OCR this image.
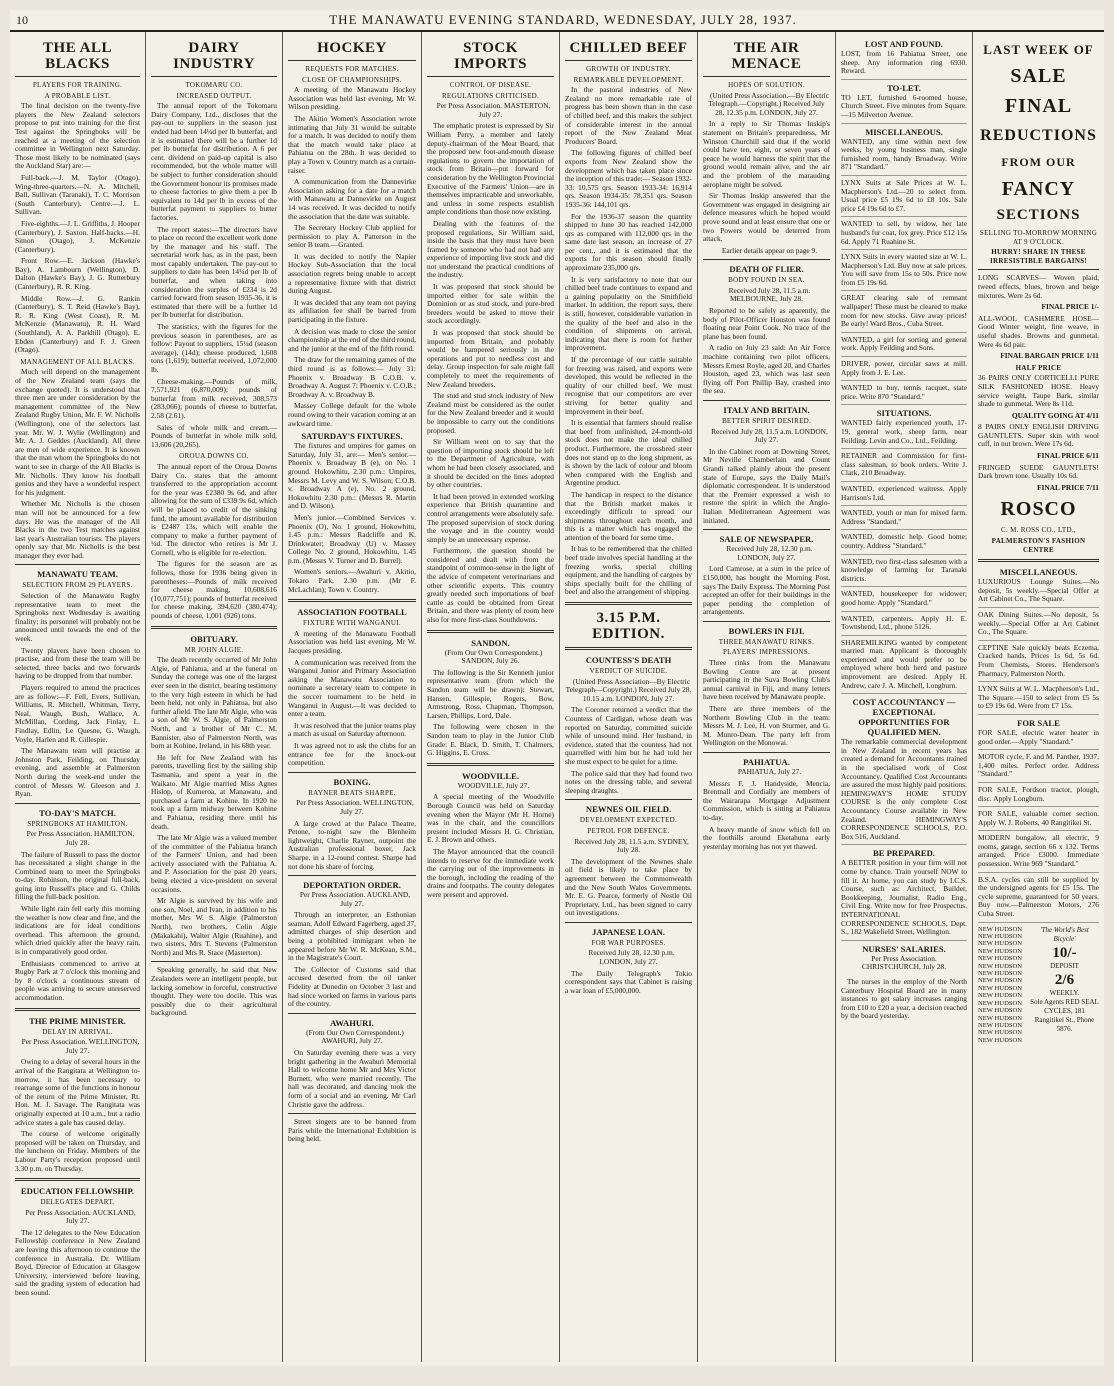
10	THE MANAWATU EVENING STANDARD, WEDNESDAY, JULY 28, 1937.
THE ALL BLACKS
PLAYERS FOR TRAINING.
A PROBABLE LIST.

The final decision on the twenty-five players the New Zealand selectors propose to put into training for the first Test against the Springboks will be reached at a meeting of the selection committee in Wellington next Saturday. Those most likely to be nominated (says the Auckland Star) are:—

Full-back.—J. M. Taylor (Otago). Wing-three-quarters.—N. A. Mitchell, Ball, Sullivan (Taranaki), T. C. Morrison (South Canterbury). Centre.—J. L. Sullivan.

Five-eighths.—J. L. Griffiths, J. Hooper (Canterbury), J. Saxton. Half-backs.—H. Simon (Otago), J. McKenzie (Canterbury).

Front Row.—E. Jackson (Hawke's Bay), A. Lambourn (Wellington), D. Dalton (Hawke's Bay), J. G. Rutterbury (Canterbury), R. R. King.

Middle Row.—J. G. Rankin (Canterbury), S. T. Reid (Hawke's Bay), R. R. King (West Coast), R. M. McKenzie (Manawatu), R. H. Ward (Southland), A. A. Parkhill (Otago), E. Ebden (Canterbury) and F. J. Green (Otago).

MANAGEMENT OF ALL BLACKS.

Much will depend on the management of the New Zealand team (says the exchange quoted). It is understood that three men are under consideration by the management committee of the New Zealand Rugby Union, Mr. F. W. Nicholls (Wellington), one of the selectors last year. Mr. W. J. Wylie (Wellington) and Mr. A. J. Geddes (Auckland). All three are men of wide experience. It is known that the man whom the Springboks do not want to see in charge of the All Blacks is Mr. Nicholls. They know his football genius and they have a wonderful respect for his judgment.

Whether Mr. Nicholls is the chosen man will not be announced for a few days. He was the manager of the All Blacks in the two Test matches against last year's Australian tourists. The players openly say that Mr. Nicholls is the best manager they ever had.

MANAWATU TEAM.
SELECTION FROM 29 PLAYERS.

Selection of the Manawatu Rugby representative team to meet the Springboks next Wednesday is awaiting finality; its personnel will probably not be announced until towards the end of the week.

Twenty players have been chosen to practise, and from these the team will be selected, three backs and two forwards having to be dropped from that number.

Players required to attend the practices are as follow:—F. Fell, Evers, Sullivan, Williams, R. Mitchell, Whitman, Terry, Neal, Waugh, Bush, Wallace, A. McMillan, Cording, Jack Finlay, L. Findlay, Edlin, Le Quesne, G. Waugh, Voyle, Harlen and R. Gillespie.

The Manawatu team will practise at Johnston Park, Feilding, on Thursday evening, and assemble at Palmerston North during the week-end under the control of Messrs W. Gleeson and J. Ryan.

TO-DAY'S MATCH.
SPRINGBOKS AT HAMILTON.

Per Press Association. HAMILTON, July 28.

The failure of Russell to pass the doctor has necessitated a slight change in the Combined team to meet the Springboks to-day. Robinson, the original full-back, going into Russell's place and G. Childs filling the full-back position.

While light rain fell early this morning the weather is now clear and fine, and the indications are for ideal conditions overhead. This afternoon the ground, which dried quickly after the heavy rain, is in comparatively good order.

Enthusiasts commenced to arrive at Rugby Park at 7 o'clock this morning and by 8 o'clock a continuous stream of people was arriving to secure unreserved accommodation.

THE PRIME MINISTER.
DELAY IN ARRIVAL.

Per Press Association. WELLINGTON, July 27.

Owing to a delay of several hours in the arrival of the Rangitata at Wellington to-morrow, it has been necessary to rearrange some of the functions in honour of the return of the Prime Minister, Rt. Hon. M. J. Savage. The Rangitata was originally expected at 10 a.m., but a radio advice states a gale has caused delay.

The course of welcome originally proposed will be taken on Thursday, and the luncheon on Friday. Members of the Labour Party's reception proposed until 3.30 p.m. on Thursday.

EDUCATION FELLOWSHIP.
DELEGATES DEPART.

Per Press Association. AUCKLAND, July 27.

The 12 delegates to the New Education Fellowship conference in New Zealand are leaving this afternoon to continue the conference in Australia. Dr. William Boyd, Director of Education at Glasgow University, interviewed before leaving, said the grading system of education had been sound.

DAIRY INDUSTRY
TOKOMARU CO.
INCREASED OUTPUT.

The annual report of the Tokomaru Dairy Company, Ltd., discloses that the pay-out to suppliers in the season just ended had been 14¼d per lb butterfat, and it is estimated there will be a further 1d per lb butterfat for distribution. A 6 per cent. dividend on paid-up capital is also recommended, but the whole matter will be subject to further consideration should the Government honour its promises made to cheese factories to give them a per lb equivalent to 14d per lb in excess of the butterfat payment to suppliers to butter factories.

The report states:—The directors have to place on record the excellent work done by the manager and his staff. The secretarial work has, as in the past, been most capably undertaken. The pay-out to suppliers to date has been 14¼d per lb of butterfat, and when taking into consideration the surplus of £234 is 2d carried forward from season 1935-36, it is estimated that there will be a further 1d per lb butterfat for distribution.

The statistics, with the figures for the previous season in parentheses, are as follow: Payout to suppliers, 15¼d (season average), (14d); cheese produced, 1,608 tons (1,619); butterfat received, 1,072,000 lb.

Cheese-making.—Pounds of milk, 7,571,921 (6,870,009); pounds of butterfat from milk received, 308,573 (283,066); pounds of cheese to butterfat, 2.58 (2.61).

Sales of whole milk and cream.—Pounds of butterfat in whole milk sold, 13,606 (20,265).

OROUA DOWNS CO.

The annual report of the Oroua Downs Dairy Co. states that the amount transferred to the appropriation account for the year was £2380 9s 6d, and after allowing for the sum of £339 9s 6d, which will be placed to credit of the sinking fund, the amount available for distribution is £2487 13s, which will enable the company to make a further payment of ¼d. The director who retires is Mr J. Cornell, who is eligible for re-election.

The figures for the season are as follows, those for 1936 being given in parentheses:—Pounds of milk received for cheese making, 10,608,616 (10,077,751); pounds of butterfat received for cheese making, 394,620 (380,474); pounds of cheese, 1,001 (926) tons.

OBITUARY.
MR JOHN ALGIE.

The death recently occurred of Mr John Algie, of Pahiatua, and at the funeral on Sunday the cortege was one of the largest ever seen in the district, bearing testimony to the very high esteem in which he had been held, not only in Pahiatua, but also further afield. The late Mr Algie, who was a son of Mr W. S. Algie, of Palmerston North, and a brother of Mr C. M. Bannister, also of Palmerston North, was born at Kohine, Ireland, in his 68th year.

He left for New Zealand with his parents, travelling first by the sailing ship Tasmania, and spent a year in the Waikato. Mr Algie married Miss Agnes Hislop, of Kumeroa, at Manawatu, and purchased a farm at Kohine. In 1920 he took up a farm midway between Kohine and Pahiatua, residing there until his death.

The late Mr Algie was a valued member of the committee of the Pahiatua branch of the Farmers' Union, and had been actively associated with the Pahiatua A. and P. Association for the past 20 years, being elected a vice-president on several occasions.

Mr Algie is survived by his wife and one son, Noel, and Ivan, in addition to his mother, Mrs W. S. Algie (Palmerston North), two brothers, Colin Algie (Makakahi), Walter Algie (Ruahine), and two sisters, Mrs T. Stevens (Palmerston North) and Mrs R. Stace (Masterton).

Speaking generally, he said that New Zealanders were an intelligent people, but lacking somehow in forceful, constructive thought. They were too docile. This was possibly due to their agricultural background.

HOCKEY
REQUESTS FOR MATCHES.
CLOSE OF CHAMPIONSHIPS.

A meeting of the Manawatu Hockey Association was held last evening, Mr W. Wilson presiding.

The Akitio Women's Association wrote intimating that July 31 would be suitable for a match. It was decided to notify them that the match would take place at Pahiatua on the 28th. It was decided to play a Town v. Country match as a curtain-raiser.

A communication from the Dannevirke Association asking for a date for a match with Manawatu at Dannevirke on August 14 was received. It was decided to notify the association that the date was suitable.

The Secretary Hockey Club applied for permission to play A. Patterson in the senior B team.—Granted.

It was decided to notify the Napier Hockey Sub-Association that the local association regrets being unable to accept a representative fixture with that district during August.

It was decided that any team not paying its affiliation fee shall be barred from participating in the fixture.

A decision was made to close the senior championship at the end of the third round, and the junior at the end of the fifth round.

The draw for the remaining games of the third round is as follows:— July 31: Phoenix v. Broadway B C.O.B. v. Broadway A. August 7: Phoenix v. C.O.B.; Broadway A. v. Broadway B.

Massey College default for the whole round owing to their vacation coming at an awkward time.

SATURDAY'S FIXTURES.

The fixtures and umpires for games on Saturday, July 31, are:— Men's senior.—Phoenix v. Broadway B (e), on No. 1 ground. Hokowhitu, 2.30 p.m.: Umpires, Messrs M. Levy and W. S. Wilson; C.O.B. v. Broadway A (e), No. 2 ground, Hokowhitu 2.30 p.m.: (Messrs R. Martin and D. Wilson).

Men's junior.—Combined Services v. Phoenix (O), No. 1 ground, Hokowhitu, 1.45 p.m.: Messrs Radcliffe and K. Drinkwater; Broadway (U) v. Massey College No. 2 ground, Hokowhitu, 1.45 p.m. (Messrs V. Turner and D. Burrel).

Women's seniors.—Awahuri v. Akitio, Tokaro Park, 2.30 p.m. (Mr F. McLachlan); Town v. Country.

ASSOCIATION FOOTBALL
FIXTURE WITH WANGANUI.

A meeting of the Manawatu Football Association was held last evening, Mr W. Jacques presiding.

A communication was received from the Wanganui Junior and Primary Association asking the Manawatu Association to nominate a secretary team to compete in the soccer tournament to be held in Wanganui in August.—It was decided to enter a team.

It was resolved that the junior teams play a match as usual on Saturday afternoon.

It was agreed not to ask the clubs for an entrance fee for the knock-out competition.

BOXING.
RAYNER BEATS SHARPE.

Per Press Association. WELLINGTON, July 27.

A large crowd at the Palace Theatre, Petone, to-night saw the Blenheim lightweight, Charlie Rayner, outpoint the Australian professional boxer, Jack Sharpe, in a 12-round contest. Sharpe had not done his share of forcing.

DEPORTATION ORDER.

Per Press Association. AUCKLAND, July 27.

Through an interpreter, an Esthonian seaman, Adolf Edward Fagerberg, aged 37, admitted charges of ship desertion and being a prohibited immigrant when he appeared before Mr W. R. McKean, S.M., in the Magistrate's Court.

The Collector of Customs said that accused deserted from the oil tanker Fidelity at Dunedin on October 3 last and had since worked on farms in various parts of the country.

AWAHURI.

(From Our Own Correspondent.) AWAHURI, July 27.

On Saturday evening there was a very bright gathering in the Awahuri Memorial Hall to welcome home Mr and Mrs Victor Burnett, who were married recently. The hall was decorated, and dancing took the form of a social and an evening. Mr Carl Christie gave the address.

Street singers are to be banned from Paris while the International Exhibition is being held.

STOCK IMPORTS
CONTROL OF DISEASE.
REGULATIONS CRITICISED.

Per Press Association. MASTERTON, July 27.

The emphatic protest is expressed by Sir William Perry, a member and lately deputy-chairman of the Meat Board, that the proposed new foot-and-mouth disease regulations to govern the importation of stock from Britain—put forward for consideration by the Wellington Provincial Executive of the Farmers' Union—are in themselves impracticable and unworkable, and unless in some respects establish ample conditions than those now existing.

Dealing with the features of the proposed regulations, Sir William said, inside the basis that they must have been framed by someone who had not had any experience of importing live stock and did not understand the practical conditions of the industry.

It was proposed that stock should be imported either for sale within the Dominion or as stud stock, and pure-bred breeders would be asked to move their stock accordingly.

It was proposed that stock should be imported from Britain, and probably would be hampered seriously in the operations and put to needless cost and delay. Group inspection for sale might fall completely to meet the requirements of New Zealand breeders.

The stud and stud stock industry of New Zealand must be considered as the outlet for the New Zealand breeder and it would be impossible to carry out the conditions proposed.

Sir William went on to say that the question of importing stock should be left to the Department of Agriculture, with whom he had been closely associated, and it should be decided on the lines adopted by other countries.

It had been proved in extended working experience that British quarantine and control arrangements were absolutely safe. The proposed supervision of stock during the voyage and in the country would simply be an unnecessary expense.

Furthermore, the question should be considered and dealt with from the standpoint of common-sense in the light of the advice of competent veterinarians and other scientific experts. This country greatly needed such importations of beef cattle as could be obtained from Great Britain, and there was plenty of room here also for more first-class Southdowns.

SANDON.

(From Our Own Correspondent.) SANDON, July 26.

The following is the Sir Kenneth junior representative team (from which the Sandon team will be drawn): Stewart, Hansen, Gillespie, Rogers, Bow, Armstrong, Ross, Chapman, Thompson, Larsen, Phillips, Lord, Dale.

The following were chosen in the Sandon team to play in the Junior Club Grade: E. Black, D. Smith, T. Chalmers, G. Higgins, E. Cross.

WOODVILLE.

WOODVILLE, July 27.

A special meeting of the Woodville Borough Council was held on Saturday evening when the Mayor (Mr H. Horne) was in the chair, and the councillors present included Messrs H. G. Christian, E. J. Brown and others.

The Mayor announced that the council intends to reserve for the immediate work the carrying out of the improvements in the borough, including the reading of the drains and footpaths. The county delegates were present and approved.

CHILLED BEEF
GROWTH OF INDUSTRY.
REMARKABLE DEVELOPMENT.

In the pastoral industries of New Zealand no more remarkable rate of progress has been shown than in the case of chilled beef, and this makes the subject of considerable interest in the annual report of the New Zealand Meat Producers' Board.

The following figures of chilled beef exports from New Zealand show the development which has taken place since the inception of this trade:— Season 1932-33: 10,575 qrs. Season 1933-34: 16,914 qrs. Season 1934-35: 78,351 qrs. Season 1935-36: 144,101 qrs.

For the 1936-37 season the quantity shipped to June 30 has reached 142,000 qrs as compared with 112,000 qrs in the same date last season, an increase of 27 per cent., and it is estimated that the exports for this season should finally approximate 235,000 qrs.

It is very satisfactory to note that our chilled beef trade continues to expand and a gaining popularity on the Smithfield market. In addition, the report says, there is still, however, considerable variation in the quality of the beef and also in the condition of shipments on arrival, indicating that there is room for further improvement.

If the percentage of our cattle suitable for freezing was raised, and exports were developed, this would be reflected in the quality of our chilled beef. We must recognise that our competitors are ever striving for better quality and improvement in their beef.

It is essential that farmers should realise that beef from unfinished, 24-month-old stock does not make the ideal chilled product. Furthermore, the crossbred steer does not stand up to the long shipment, as is shown by the lack of colour and bloom when compared with the English and Argentine product.

The handicap in respect to the distance that the British market makes it exceedingly difficult to spread our shipments throughout each month, and this is a matter which has engaged the attention of the board for some time.

It has to be remembered that the chilled beef trade involves special handling at the freezing works, special chilling equipment, and the handling of cargoes by ships specially built for the chilling of beef and also the arrangement of shipping.

3.15 P.M. EDITION.
COUNTESS'S DEATH
VERDICT OF SUICIDE.

(United Press Association—By Electric Telegraph—Copyright.) Received July 28, 10.15 a.m. LONDON, July 27.

The Coroner returned a verdict that the Countess of Cardigan, whose death was reported on Saturday, committed suicide while of unsound mind. Her husband, in evidence, stated that the countess had not quarrelled with him but he had told her she must expect to be quiet for a time.

The police said that they had found two notes on the dressing table, and several sleeping draughts.

NEWNES OIL FIELD.
DEVELOPMENT EXPECTED.
PETROL FOR DEFENCE.

Received July 28, 11.5 a.m. SYDNEY, July 28.

The development of the Newnes shale oil field is likely to take place by agreement between the Commonwealth and the New South Wales Governments. Mr. E. G. Pearce, formerly of Nestle Oil Proprietary, Ltd., has been signed to carry out investigations.

JAPANESE LOAN.
FOR WAR PURPOSES.

Received July 28, 12.30 p.m. LONDON, July 27.

The Daily Telegraph's Tokio correspondent says that Cabinet is raising a war loan of £5,000,000.

THE AIR MENACE
HOPES OF SOLUTION.

(United Press Association.—By Electric Telegraph.—Copyright.) Received July 28, 12.35 p.m. LONDON, July 27.

In a reply to Sir Thomas Inskip's statement on Britain's preparedness, Mr Winston Churchill said that if the world could have ten, eight, or seven years of peace he would harness the spirit that the ground would remain alive, and the air and the problem of the marauding aeroplane might be solved.

Sir Thomas Inskip answered that the Government was engaged in designing air defence measures which he hoped would prove sound and at least ensure that one or two Powers would be deterred from attack.

Earlier details appear on page 9.

DEATH OF FLIER.
BODY FOUND IN SEA.

Received July 28, 11.5 a.m. MELBOURNE, July 28.

Reported to be safely as aparently, the body of Pilot-Officer Houston was found floating near Point Cook. No trace of the plane has been found.

A radio on July 23 said: An Air Force machine containing two pilot officers, Messrs Ernest Royle, aged 20, and Charles Houston, aged 23, which was last seen flying off Port Phillip Bay, crashed into the sea.

ITALY AND BRITAIN.
BETTER SPIRIT DESIRED.

Received July 28, 11.5 a.m. LONDON, July 27.

In the Cabinet room at Downing Street, Mr Neville Chamberlain and Count Grandi talked plainly about the present state of Europe, says the Daily Mail's diplomatic correspondent. It is understood that the Premier expressed a wish to restore the spirit in which the Anglo-Italian Mediterranean Agreement was initiated.

SALE OF NEWSPAPER.

Received July 28, 12.30 p.m. LONDON, July 27.

Lord Camrose, at a sum in the price of £150,000, has bought the Morning Post, says The Daily Express. The Morning Post accepted an offer for their buildings in the paper pending the completion of arrangements.

BOWLERS IN FIJI.
THREE MANAWATU RINKS.
PLAYERS' IMPRESSIONS.

Three rinks from the Manawatu Bowling Centre are at present participating in the Suva Bowling Club's annual carnival in Fiji, and many letters have been received by Manawatu people.

There are three members of the Northern Bowling Club in the team: Messrs M. J. Lee, H. von Sturmer, and G. M. Munro-Dean. The party left from Wellington on the Monowai.

PAHIATUA.

PAHIATUA, July 27.

Messrs F. J. Handyside, Mencia, Brentnall and Cordially are members of the Wairarapa Mortgage Adjustment Commission, which is sitting at Pahiatua to-day.

A heavy mantle of snow which fell on the foothills around Eketahuna early yesterday morning has not yet thawed.

LOST AND FOUND.

LOST, from 16 Pahiatua Street, one sheep. Any information ring 6930. Reward.

TO-LET.

TO LET, furnished 6-roomed house, Church Street. Five minutes from Square.—15 Milverton Avenue.

MISCELLANEOUS.

WANTED, any time within next few weeks, by young business man, single furnished room, handy Broadway. Write 871 "Standard."

LYNX Suits at Sale Prices at W. L. Macpherson's Ltd.—20 to select from. Usual price £5 19s 6d to £8 10s. Sale price £4 19s 6d to £7.

WANTED to sell, by widow, her late husband's fur coat, fox grey. Price £12 15s 6d. Apply 71 Ruahine St.

LYNX Suits in every wanted size at W. L. Macpherson's Ltd. Buy now at sale prices. You will save from 15s to 50s. Price now from £5 19s 6d.

GREAT clearing sale of remnant wallpaper! These must be cleared to make room for new stocks. Give away prices! Be early! Ward Bros., Cuba Street.

WANTED, a girl for sorting and general work. Apply Feilding and Sons.

DRIVER, power, circular saws at mill. Apply from J. E. Lee.

WANTED to buy, tennis racquet, state price. Write 870 "Standard."

SITUATIONS.

WANTED fairly experienced youth, 17-19, general work, sheep farm, near Feilding. Levin and Co., Ltd., Feilding.

RETAINER and Commission for first-class salesman, to book orders. Write J. Clark, 210 Broadway.

WANTED, experienced waitress. Apply Harrison's Ltd.

WANTED, youth or man for mixed farm. Address "Standard."

WANTED, domestic help. Good home; country. Address "Standard."

WANTED, two first-class salesmen with a knowledge of farming for Taranaki districts.

WANTED, housekeeper for widower; good home. Apply "Standard."

WANTED, carpenters. Apply H. E. Townshend, Ltd., phone 5126.

SHAREMILKING wanted by competent married man. Applicant is thoroughly experienced and would prefer to be employed where both herd and pasture improvement are desired. Apply H. Andrew, care J. A. Mitchell, Longburn.

COST ACCOUNTANCY — EXCEPTIONAL OPPORTUNITIES FOR QUALIFIED MEN.

The remarkable commercial development in New Zealand in recent years has created a demand for Accountants trained in the specialised work of Cost Accountancy. Qualified Cost Accountants are assured the most highly paid positions. HEMINGWAY'S HOME STUDY COURSE is the only complete Cost Accountancy Course available in New Zealand. HEMINGWAY'S CORRESPONDENCE SCHOOLS, P.O. Box 516, Auckland.

BE PREPARED.

A BETTER position in your firm will not come by chance. Train yourself NOW to fill it. At home, you can study by I.C.S. Course, such as: Architect, Builder, Bookkeeping, Journalist, Radio Eng., Civil Eng. Write now for free Prospectus. INTERNATIONAL CORRESPONDENCE SCHOOLS, Dept. S., 182 Wakefield Street, Wellington.

NURSES' SALARIES.

Per Press Association. CHRISTCHURCH, July 28.

The nurses in the employ of the North Canterbury Hospital Board are in many instances to get salary increases ranging from £10 to £20 a year, a decision reached by the board yesterday.

LAST WEEK OF
SALE
FINAL
REDUCTIONS
FROM OUR
FANCY
SECTIONS
SELLING TO-MORROW MORNING AT 9 O'CLOCK.
HURRY! SHARE IN THESE IRRESISTIBLE BARGAINS!

LONG SCARVES— Woven plaid, tweed effects, blues, brown and beige mixtures. Were 2s 6d.

FINAL PRICE 1/-

ALL-WOOL CASHMERE HOSE— Good Winter weight, fine weave, in useful shades. Browns and gunmetal. Were 4s 6d pair.

FINAL BARGAIN PRICE 1/11

HALF PRICE

36 PAIRS ONLY CORTICELLI PURE SILK FASHIONED HOSE. Heavy service weight, Taupe Bark, similar shade to gunmetal. Were 8s 11d.

QUALITY GOING AT 4/11

8 PAIRS ONLY ENGLISH DRIVING GAUNTLETS. Super skin with wool cuff, in nut brown. Were 17s 6d.

FINAL PRICE 6/11

FRINGED SUEDE GAUNTLETS! Dark brown tone. Usually 10s 6d.

FINAL PRICE 7/11

ROSCO
C. M. ROSS CO., LTD.,
PALMERSTON'S FASHION CENTRE
MISCELLANEOUS.

LUXURIOUS Lounge Suites.—No deposit, 5s weekly.—Special Offer at Art Cabinet Co., The Square.

OAK Dining Suites.—No deposit, 5s weekly.—Special Offer at Art Cabinet Co., The Square.

CEPTINE Sale quickly beats Eczema, Cracked hands, Prices 1s 6d, 5s 6d. From Chemists, Stores. Henderson's Pharmacy, Palmerston North.

LYNX Suits at W. L. Macpherson's Ltd., The Square.—150 to select from £5 5s to £9 19s 6d. Were from £7 15s.

FOR SALE

FOR SALE, electric water heater in good order.—Apply "Standard."

MOTOR cycle, F. and M. Panther, 1937, 1,400 miles. Perfect order. Address "Standard."

FOR SALE, Fordson tractor, plough, disc. Apply Longburn.

FOR SALE, valuable corner section. Apply W. J. Roberts, 40 Rangitikei St.

MODERN bungalow, all electric, 9 rooms, garage, section 66 x 132. Terms arranged. Price £3000. Immediate possession. Write 969 "Standard."

B.S.A. cycles can still be supplied by the undersigned agents for £5 15s. The cycle supreme, guaranteed for 50 years. Buy now.—Palmerston Motors, 276 Cuba Street.

NEW HUDSON
NEW HUDSON
NEW HUDSON
NEW HUDSON
NEW HUDSON
NEW HUDSON
NEW HUDSON
NEW HUDSON
NEW HUDSON
NEW HUDSON
NEW HUDSON
NEW HUDSON
NEW HUDSON
NEW HUDSON
NEW HUDSON
NEW HUDSON
'The World's Best Bicycle'
10/-
DEPOSIT
2/6
WEEKLY.
Sole Agents RED SEAL CYCLES, 181 Rangitikei St., Phone 5876.
